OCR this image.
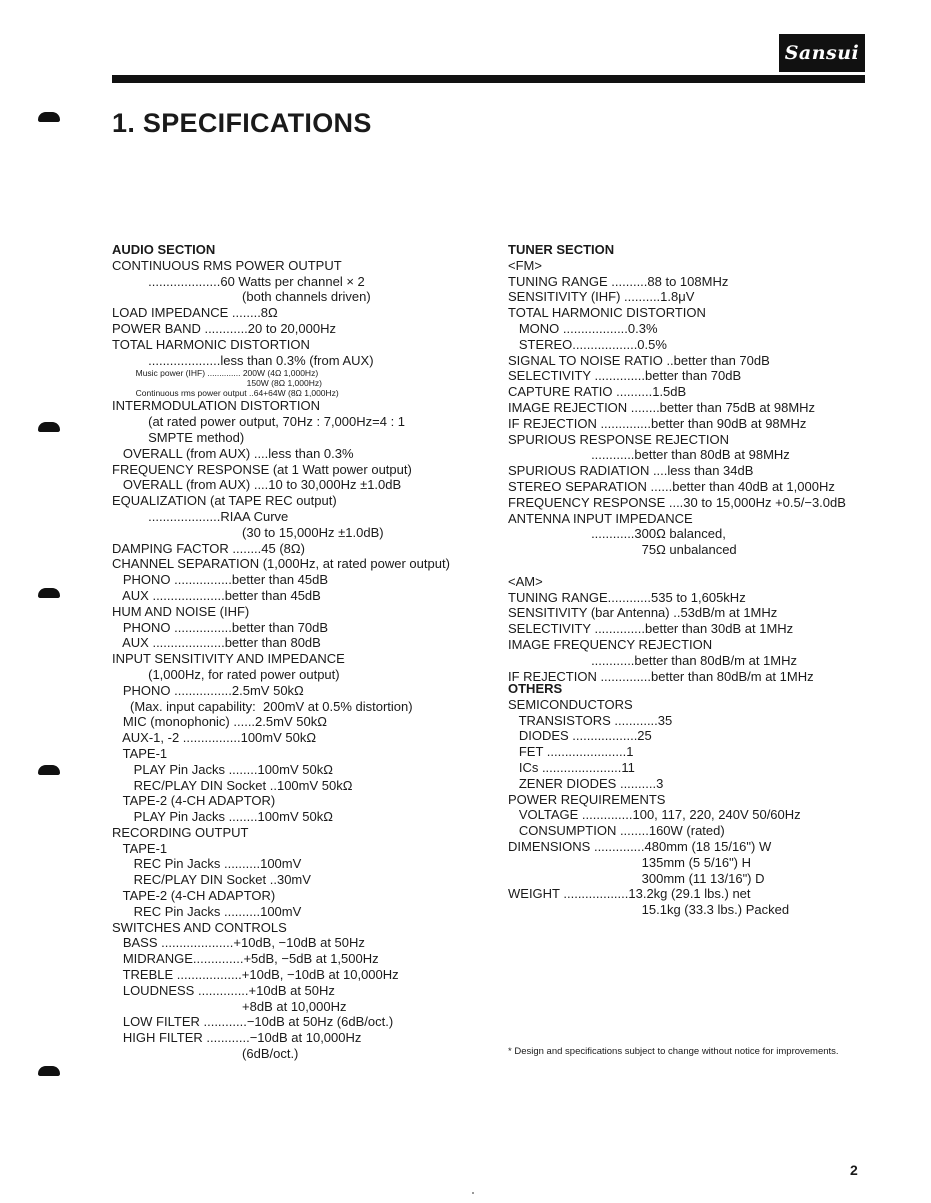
Sansui
1. SPECIFICATIONS
AUDIO SECTION
CONTINUOUS RMS POWER OUTPUT
....................60 Watts per channel × 2
(both channels driven)
LOAD IMPEDANCE ........8Ω
POWER BAND ............20 to 20,000Hz
TOTAL HARMONIC DISTORTION
....................less than 0.3% (from AUX)
Music power (IHF) .............. 200W (4Ω 1,000Hz)
150W (8Ω 1,000Hz)
Continuous rms power output ..64+64W (8Ω 1,000Hz)
INTERMODULATION DISTORTION
(at rated power output, 70Hz : 7,000Hz=4 : 1
SMPTE method)
OVERALL (from AUX) ....less than 0.3%
FREQUENCY RESPONSE (at 1 Watt power output)
OVERALL (from AUX) ....10 to 30,000Hz ±1.0dB
EQUALIZATION (at TAPE REC output)
....................RIAA Curve
(30 to 15,000Hz ±1.0dB)
DAMPING FACTOR ........45 (8Ω)
CHANNEL SEPARATION (1,000Hz, at rated power output)
PHONO ................better than 45dB
AUX ....................better than 45dB
HUM AND NOISE (IHF)
PHONO ................better than 70dB
AUX ....................better than 80dB
INPUT SENSITIVITY AND IMPEDANCE
(1,000Hz, for rated power output)
PHONO ................2.5mV 50kΩ
(Max. input capability:  200mV at 0.5% distortion)
MIC (monophonic) ......2.5mV 50kΩ
AUX-1, -2 ................100mV 50kΩ
TAPE-1
PLAY Pin Jacks ........100mV 50kΩ
REC/PLAY DIN Socket ..100mV 50kΩ
TAPE-2 (4-CH ADAPTOR)
PLAY Pin Jacks ........100mV 50kΩ
RECORDING OUTPUT
TAPE-1
REC Pin Jacks ..........100mV
REC/PLAY DIN Socket ..30mV
TAPE-2 (4-CH ADAPTOR)
REC Pin Jacks ..........100mV
SWITCHES AND CONTROLS
BASS ....................+10dB, −10dB at 50Hz
MIDRANGE..............+5dB, −5dB at 1,500Hz
TREBLE ..................+10dB, −10dB at 10,000Hz
LOUDNESS ..............+10dB at 50Hz
+8dB at 10,000Hz
LOW FILTER ............−10dB at 50Hz (6dB/oct.)
HIGH FILTER ............−10dB at 10,000Hz
(6dB/oct.)
TUNER SECTION
<FM>
TUNING RANGE ..........88 to 108MHz
SENSITIVITY (IHF) ..........1.8μV
TOTAL HARMONIC DISTORTION
MONO ..................0.3%
STEREO..................0.5%
SIGNAL TO NOISE RATIO ..better than 70dB
SELECTIVITY ..............better than 70dB
CAPTURE RATIO ..........1.5dB
IMAGE REJECTION ........better than 75dB at 98MHz
IF REJECTION ..............better than 90dB at 98MHz
SPURIOUS RESPONSE REJECTION
............better than 80dB at 98MHz
SPURIOUS RADIATION ....less than 34dB
STEREO SEPARATION ......better than 40dB at 1,000Hz
FREQUENCY RESPONSE ....30 to 15,000Hz +0.5/−3.0dB
ANTENNA INPUT IMPEDANCE
............300Ω balanced,
75Ω unbalanced
<AM>
TUNING RANGE............535 to 1,605kHz
SENSITIVITY (bar Antenna) ..53dB/m at 1MHz
SELECTIVITY ..............better than 30dB at 1MHz
IMAGE FREQUENCY REJECTION
............better than 80dB/m at 1MHz
IF REJECTION ..............better than 80dB/m at 1MHz
OTHERS
SEMICONDUCTORS
TRANSISTORS ............35
DIODES ..................25
FET ......................1
ICs ......................11
ZENER DIODES ..........3
POWER REQUIREMENTS
VOLTAGE ..............100, 117, 220, 240V 50/60Hz
CONSUMPTION ........160W (rated)
DIMENSIONS ..............480mm (18 15/16") W
135mm (5 5/16") H
300mm (11 13/16") D
WEIGHT ..................13.2kg (29.1 lbs.) net
15.1kg (33.3 lbs.) Packed
* Design and specifications subject to change without notice for improvements.
2
